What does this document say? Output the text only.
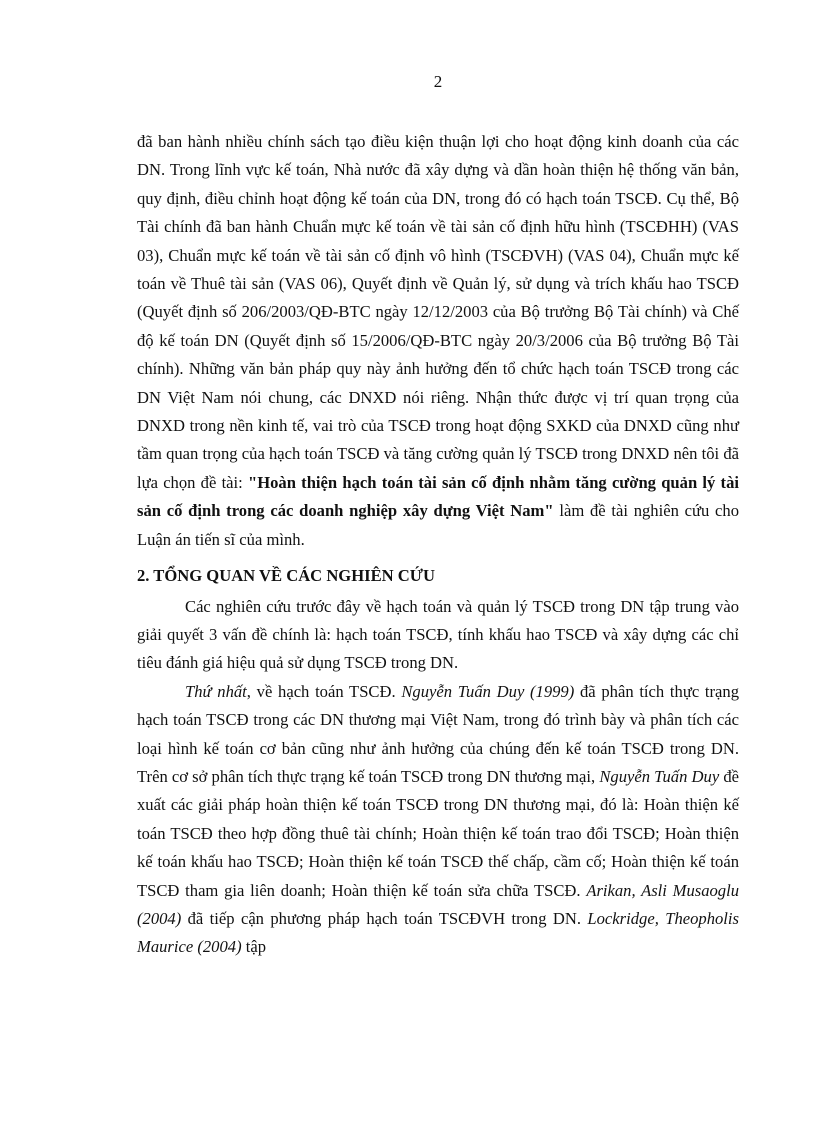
2

đã ban hành nhiều chính sách tạo điều kiện thuận lợi cho hoạt động kinh doanh của các DN. Trong lĩnh vực kế toán, Nhà nước đã xây dựng và dần hoàn thiện hệ thống văn bản, quy định, điều chỉnh hoạt động kế toán của DN, trong đó có hạch toán TSCĐ. Cụ thể, Bộ Tài chính đã ban hành Chuẩn mực kế toán về tài sản cố định hữu hình (TSCĐHH) (VAS 03), Chuẩn mực kế toán về tài sản cố định vô hình (TSCĐVH) (VAS 04), Chuẩn mực kế toán về Thuê tài sản (VAS 06), Quyết định về Quản lý, sử dụng và trích khấu hao TSCĐ (Quyết định số 206/2003/QĐ-BTC ngày 12/12/2003 của Bộ trưởng Bộ Tài chính) và Chế độ kế toán DN (Quyết định số 15/2006/QĐ-BTC ngày 20/3/2006 của Bộ trưởng Bộ Tài chính). Những văn bản pháp quy này ảnh hưởng đến tổ chức hạch toán TSCĐ trong các DN Việt Nam nói chung, các DNXD nói riêng. Nhận thức được vị trí quan trọng của DNXD trong nền kinh tế, vai trò của TSCĐ trong hoạt động SXKD của DNXD cũng như tầm quan trọng của hạch toán TSCĐ và tăng cường quản lý TSCĐ trong DNXD nên tôi đã lựa chọn đề tài: "Hoàn thiện hạch toán tài sản cố định nhằm tăng cường quản lý tài sản cố định trong các doanh nghiệp xây dựng Việt Nam" làm đề tài nghiên cứu cho Luận án tiến sĩ của mình.

2. TỔNG QUAN VỀ CÁC NGHIÊN CỨU

Các nghiên cứu trước đây về hạch toán và quản lý TSCĐ trong DN tập trung vào giải quyết 3 vấn đề chính là: hạch toán TSCĐ, tính khấu hao TSCĐ và xây dựng các chỉ tiêu đánh giá hiệu quả sử dụng TSCĐ trong DN.

Thứ nhất, về hạch toán TSCĐ. Nguyễn Tuấn Duy (1999) đã phân tích thực trạng hạch toán TSCĐ trong các DN thương mại Việt Nam, trong đó trình bày và phân tích các loại hình kế toán cơ bản cũng như ảnh hưởng của chúng đến kế toán TSCĐ trong DN. Trên cơ sở phân tích thực trạng kế toán TSCĐ trong DN thương mại, Nguyễn Tuấn Duy đề xuất các giải pháp hoàn thiện kế toán TSCĐ trong DN thương mại, đó là: Hoàn thiện kế toán TSCĐ theo hợp đồng thuê tài chính; Hoàn thiện kế toán trao đổi TSCĐ; Hoàn thiện kế toán khấu hao TSCĐ; Hoàn thiện kế toán TSCĐ thế chấp, cầm cố; Hoàn thiện kế toán TSCĐ tham gia liên doanh; Hoàn thiện kế toán sửa chữa TSCĐ. Arikan, Asli Musaoglu (2004) đã tiếp cận phương pháp hạch toán TSCĐVH trong DN. Lockridge, Theopholis Maurice (2004) tập
